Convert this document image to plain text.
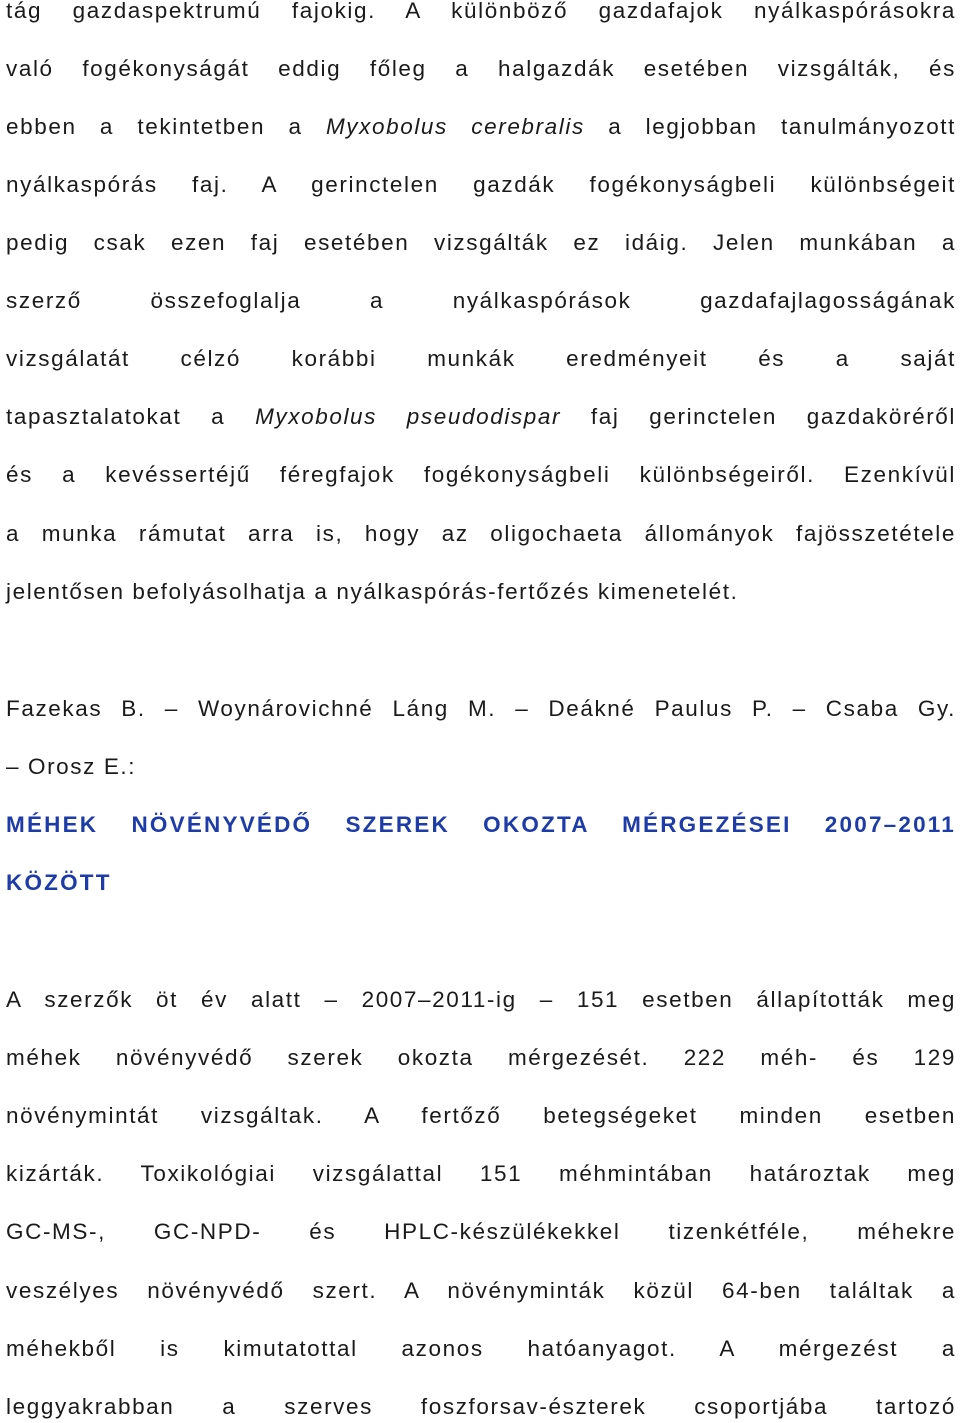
tág gazdaspektrumú fajokig. A különböző gazdafajok nyálkaspórásokra
való fogékonyságát eddig főleg a halgazdák esetében vizsgálták, és
ebben a tekintetben a Myxobolus cerebralis a legjobban tanulmányozott
nyálkaspórás faj. A gerinctelen gazdák fogékonyságbeli különbségeit
pedig csak ezen faj esetében vizsgálták ez idáig. Jelen munkában a
szerző összefoglalja a nyálkaspórások gazdafajlagosságának
vizsgálatát célzó korábbi munkák eredményeit és a saját
tapasztalatokat a Myxobolus pseudodispar faj gerinctelen gazdaköréről
és a kevéssertéjű féregfajok fogékonyságbeli különbségeiről. Ezenkívül
a munka rámutat arra is, hogy az oligochaeta állományok fajösszetétele
jelentősen befolyásolhatja a nyálkaspórás-fertőzés kimenetelét.
Fazekas B. – Woynárovichné Láng M. – Deákné Paulus P. – Csaba Gy.
– Orosz E.:
MÉHEK NÖVÉNYVÉDŐ SZEREK OKOZTA MÉRGEZÉSEI 2007–2011
KÖZÖTT
A szerzők öt év alatt – 2007–2011-ig – 151 esetben állapították meg
méhek növényvédő szerek okozta mérgezését. 222 méh- és 129
növénymintát vizsgáltak. A fertőző betegségeket minden esetben
kizárták. Toxikológiai vizsgálattal 151 méhmintában határoztak meg
GC-MS-, GC-NPD- és HPLC-készülékekkel tizenkétféle, méhekre
veszélyes növényvédő szert. A növényminták közül 64-ben találtak a
méhekből is kimutatottal azonos hatóanyagot. A mérgezést a
leggyakrabban a szerves foszforsav-észterek csoportjába tartozó
